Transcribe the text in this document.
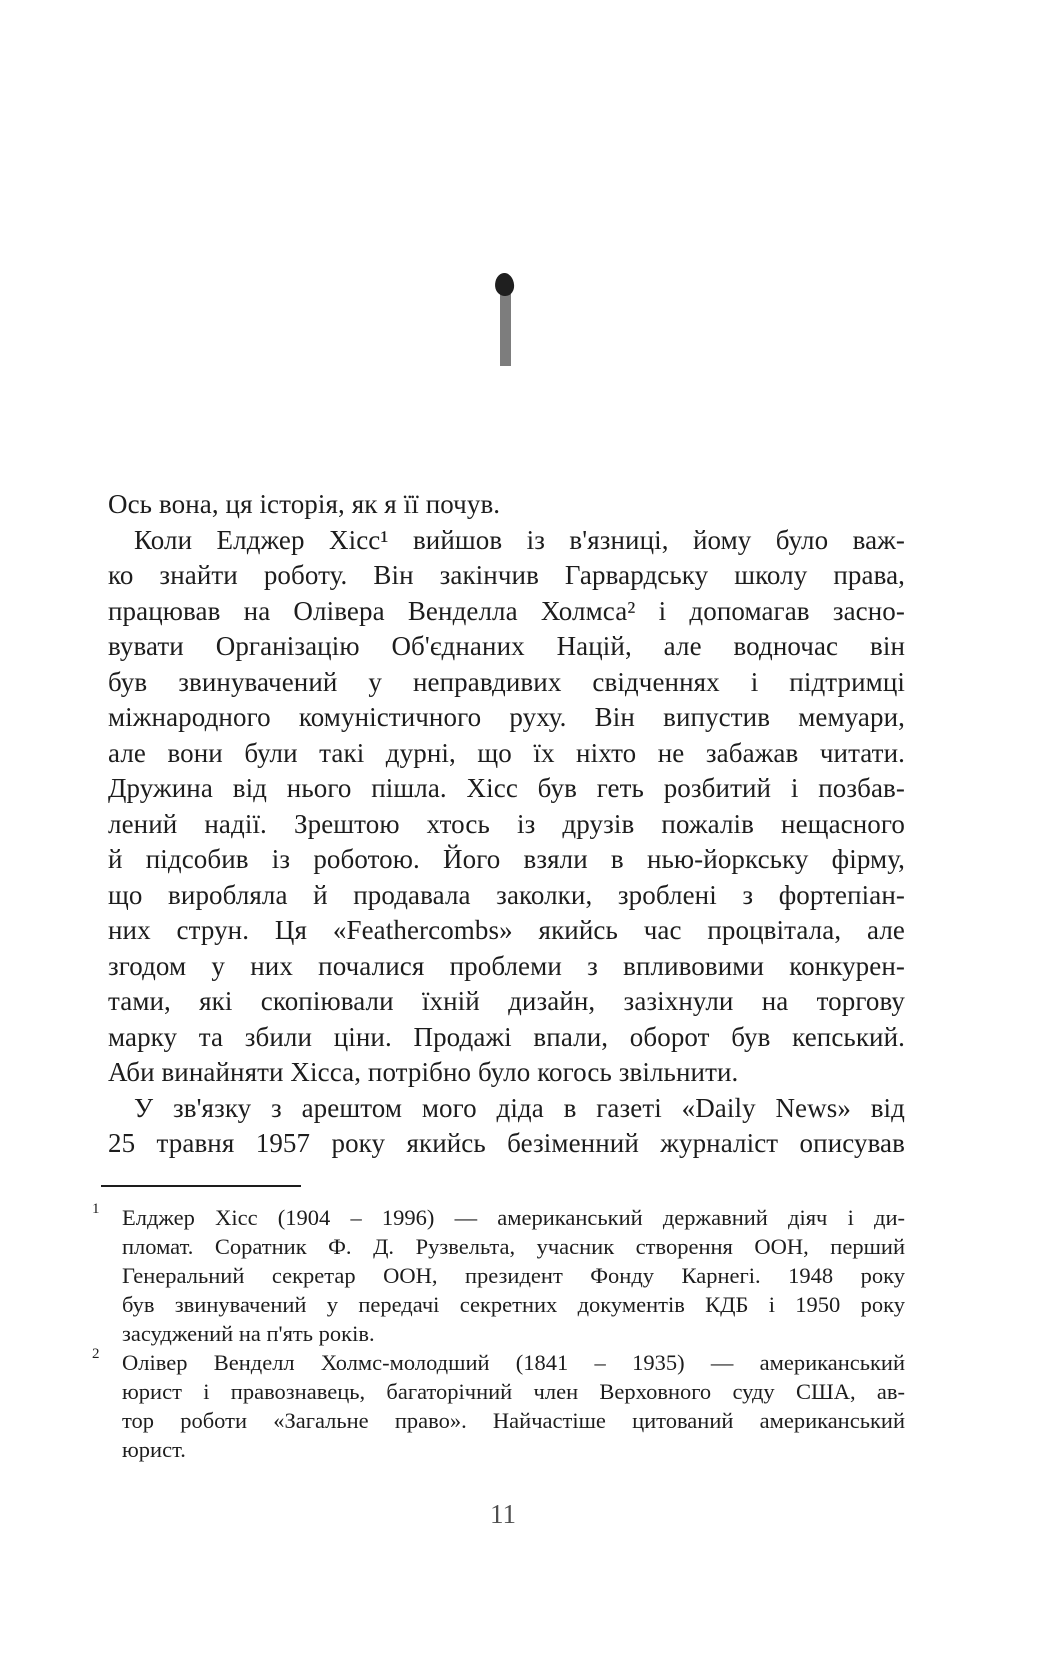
Ось вона, ця історія, як я її почув.
Коли Елджер Хісс¹ вийшов із в'язниці, йому було важ-
ко знайти роботу. Він закінчив Гарвардську школу права,
працював на Олівера Венделла Холмса² і допомагав засно-
вувати Організацію Об'єднаних Націй, але водночас він
був звинувачений у неправдивих свідченнях і підтримці
міжнародного комуністичного руху. Він випустив мемуари,
але вони були такі дурні, що їх ніхто не забажав читати.
Дружина від нього пішла. Хісс був геть розбитий і позбав-
лений надії. Зрештою хтось із друзів пожалів нещасного
й підсобив із роботою. Його взяли в нью-йоркську фірму,
що виробляла й продавала заколки, зроблені з фортепіан-
них струн. Ця «Feathercombs» якийсь час процвітала, але
згодом у них почалися проблеми з впливовими конкурен-
тами, які скопіювали їхній дизайн, зазіхнули на торгову
марку та збили ціни. Продажі впали, оборот був кепський.
Аби винайняти Хісса, потрібно було когось звільнити.
У зв'язку з арештом мого діда в газеті «Daily News» від
25 травня 1957 року якийсь безіменний журналіст описував
1 Елджер Хісс (1904 – 1996) — американський державний діяч і ди-
пломат. Соратник Ф. Д. Рузвельта, учасник створення ООН, перший
Генеральний секретар ООН, президент Фонду Карнегі. 1948 року
був звинувачений у передачі секретних документів КДБ і 1950 року
засуджений на п'ять років.
2 Олівер Венделл Холмс-молодший (1841 – 1935) — американський
юрист і правознавець, багаторічний член Верховного суду США, ав-
тор роботи «Загальне право». Найчастіше цитований американський
юрист.
11
